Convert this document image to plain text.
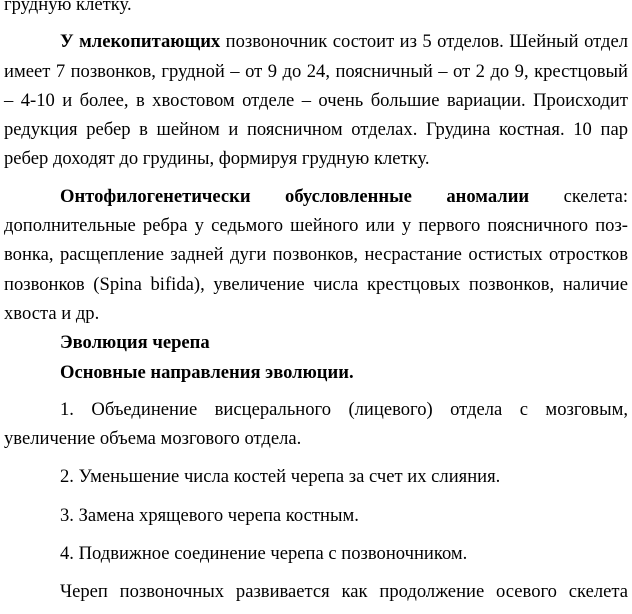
грудную клетку.

У млекопитающих позвоночник состоит из 5 отделов. Шейный отдел имеет 7 позвонков, грудной – от 9 до 24, поясничный – от 2 до 9, крестцовый – 4-10 и более, в хвостовом отделе – очень большие вариации. Происходит редукция ребер в шейном и поясничном отделах. Грудина костная. 10 пар ребер доходят до грудины, формируя грудную клетку.

Онтофилогенетически обусловленные аномалии скелета: дополнительные ребра у седьмого шейного или у первого поясничного поз-вонка, расщепление задней дуги позвонков, несрастание остистых отростков позвонков (Spina bifida), увеличение числа крестцовых позвонков, наличие хвоста и др.

Эволюция черепа

Основные направления эволюции.

1. Объединение висцерального (лицевого) отдела с мозговым, увеличение объема мозгового отдела.

2. Уменьшение числа костей черепа за счет их слияния.

3. Замена хрящевого черепа костным.

4. Подвижное соединение черепа с позвоночником.

Череп позвоночных развивается как продолжение осевого скелета
